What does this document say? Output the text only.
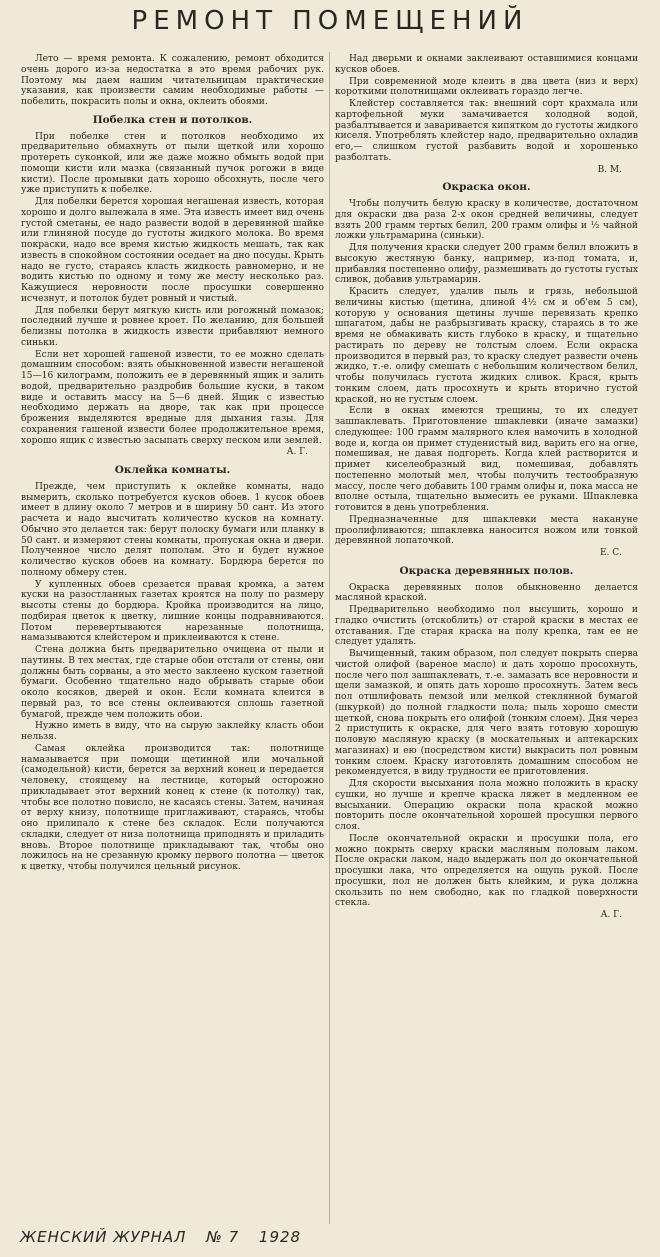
РЕМОНТ ПОМЕЩЕНИЙ

Лето — время ремонта. К сожалению, ремонт обходится очень дорого из-за недостатка в это время рабочих рук. Поэтому мы даем нашим читательницам практические указания, как произвести самим необходимые работы — побелить, покрасить полы и окна, оклеить обоями.

Побелка стен и потолков.

При побелке стен и потолков необходимо их предварительно обмахнуть от пыли щеткой или хорошо протереть суконкой, или же даже можно обмыть водой при помощи кисти или мазка (связанный пучок рогожи в виде кисти). После промывки дать хорошо обсохнуть, после чего уже приступить к побелке.

Для побелки берется хорошая негашеная известь, которая хорошо и долго вылежала в яме. Эта известь имеет вид очень густой сметаны, ее надо развести водой в деревянной шайке или глиняной посуде до густоты жидкого молока. Во время покраски, надо все время кистью жидкость мешать, так как известь в спокойном состоянии оседает на дно посуды. Крыть надо не густо, стараясь класть жидкость равномерно, и не водить кистью по одному и тому же месту несколько раз. Кажущиеся неровности после просушки совершенно исчезнут, и потолок будет ровный и чистый.

Для побелки берут мягкую кисть или рогожный помазок; последний лучше и ровнее кроет. По желанию, для большей белизны потолка в жидкость извести прибавляют немного синьки.

Если нет хорошей гашеной извести, то ее можно сделать домашним способом: взять обыкновенной извести негашеной 15—16 килограмм, положить ее в деревянный ящик и залить водой, предварительно раздробив большие куски, в таком виде и оставить массу на 5—6 дней. Ящик с известью необходимо держать на дворе, так как при процессе брожения выделяются вредные для дыхания газы. Для сохранения гашеной извести более продолжительное время, хорошо ящик с известью засыпать сверху песком или землей.

А. Г.
Оклейка комнаты.

Прежде, чем приступить к оклейке комнаты, надо вымерить, сколько потребуется кусков обоев. 1 кусок обоев имеет в длину около 7 метров и в ширину 50 сант. Из этого расчета и надо высчитать количество кусков на комнату. Обычно это делается так: берут полоску бумаги или планку в 50 сант. и измеряют стены комнаты, пропуская окна и двери. Полученное число делят пополам. Это и будет нужное количество кусков обоев на комнату. Бордюра берется по полному обмеру стен.

У купленных обоев срезается правая кромка, а затем куски на разостланных газетах кроятся на полу по размеру высоты стены до бордюра. Кройка производится на лицо, подбирая цветок к цветку, лишние концы подравниваются. Потом перевертываются нарезанные полотнища, намазываются клейстером и приклеиваются к стене.

Стена должна быть предварительно очищена от пыли и паутины. В тех местах, где старые обои отстали от стены, они должны быть сорваны, а это место заклеено куском газетной бумаги. Особенно тщательно надо обрывать старые обои около косяков, дверей и окон. Если комната клеится в первый раз, то все стены оклеиваются сплошь газетной бумагой, прежде чем положить обои.

Нужно иметь в виду, что на сырую заклейку класть обои нельзя.

Самая оклейка производится так: полотнище намазывается при помощи щетинной или мочальной (самодельной) кисти, берется за верхний конец и передается человеку, стоящему на лестнице, который осторожно прикладывает этот верхний конец к стене (к потолку) так, чтобы все полотно повисло, не касаясь стены. Затем, начиная от верху книзу, полотнище приглаживают, стараясь, чтобы оно прилипало к стене без складок. Если получаются складки, следует от низа полотнища приподнять и приладить вновь. Второе полотнище прикладывают так, чтобы оно ложилось на не срезанную кромку первого полотна — цветок к цветку, чтобы получился цельный рисунок.

Над дверьми и окнами заклеивают оставшимися концами кусков обоев.

При современной моде клеить в два цвета (низ и верх) короткими полотнищами оклеивать гораздо легче.

Клейстер составляется так: внешний сорт крахмала или картофельной муки замачивается холодной водой, разбалтывается и заваривается кипятком до густоты жидкого киселя. Употреблять клейстер надо, предварительно охладив его,— слишком густой разбавить водой и хорошенько разболтать.

В. М.
Окраска окон.

Чтобы получить белую краску в количестве, достаточном для окраски два раза 2-х окон средней величины, следует взять 200 грамм тертых белил, 200 грамм олифы и ½ чайной ложки ультрамарина (синьки).

Для получения краски следует 200 грамм белил вложить в высокую жестяную банку, например, из-под томата, и, прибавляя постепенно олифу, размешивать до густоты густых сливок, добавив ультрамарин.

Красить следует, удалив пыль и грязь, небольшой величины кистью (щетина, длиной 4½ см и об'ем 5 см), которую у основания щетины лучше перевязать крепко шпагатом, дабы не разбрызгивать краску, стараясь в то же время не обмакивать кисть глубоко в краску, и тщательно растирать по дереву не толстым слоем. Если окраска производится в первый раз, то краску следует развести очень жидко, т.-е. олифу смешать с небольшим количеством белил, чтобы получилась густота жидких сливок. Крася, крыть тонким слоем, дать просохнуть и крыть вторично густой краской, но не густым слоем.

Если в окнах имеются трещины, то их следует зашпаклевать. Приготовление шпаклевки (иначе замазки) следующее: 100 грамм малярного клея намочить в холодной воде и, когда он примет студенистый вид, варить его на огне, помешивая, не давая подгореть. Когда клей растворится и примет киселеобразный вид, помешивая, добавлять постепенно молотый мел, чтобы получить тестообразную массу, после чего добавить 100 грамм олифы и, пока масса не вполне остыла, тщательно вымесить ее руками. Шпаклевка готовится в день употребления.

Предназначенные для шпаклевки места накануне проолифливаются; шпаклевка наносится ножом или тонкой деревянной лопаточкой.

Е. С.
Окраска деревянных полов.

Окраска деревянных полов обыкновенно делается масляной краской.

Предварительно необходимо пол высушить, хорошо и гладко очистить (отскоблить) от старой краски в местах ее отставания. Где старая краска на полу крепка, там ее не следует удалять.

Вычищенный, таким образом, пол следует покрыть сперва чистой олифой (вареное масло) и дать хорошо просохнуть, после чего пол зашпаклевать, т.-е. замазать все неровности и щели замазкой, и опять дать хорошо просохнуть. Затем весь пол отшлифовать пемзой или мелкой стеклянной бумагой (шкуркой) до полной гладкости пола; пыль хорошо смести щеткой, снова покрыть его олифой (тонким слоем). Дня через 2 приступить к окраске, для чего взять готовую хорошую половую масляную краску (в москательных и аптекарских магазинах) и ею (посредством кисти) выкрасить пол ровным тонким слоем. Краску изготовлять домашним способом не рекомендуется, в виду трудности ее приготовления.

Для скорости высыхания пола можно положить в краску сушки, но лучше и крепче краска ляжет в медленном ее высыхании. Операцию окраски пола краской можно повторить после окончательной хорошей просушки первого слоя.

После окончательной окраски и просушки пола, его можно покрыть сверху краски масляным половым лаком. После окраски лаком, надо выдержать пол до окончательной просушки лака, что определяется на ощупь рукой. После просушки, пол не должен быть клейким, и рука должна скользить по нем свободно, как по гладкой поверхности стекла.

А. Г.
ЖЕНСКИЙ ЖУРНАЛ № 7 1928
